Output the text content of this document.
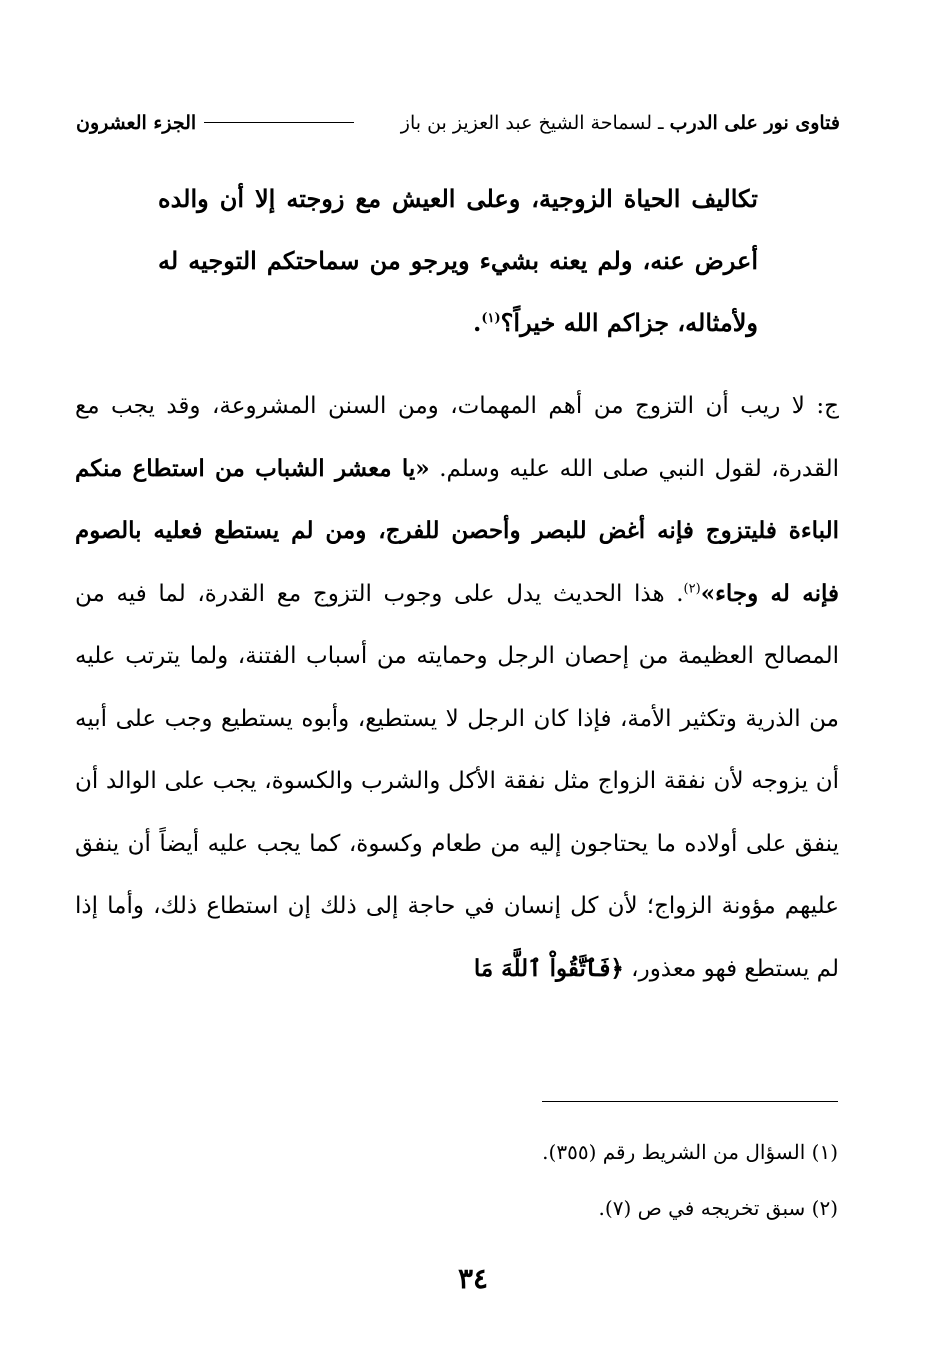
فتاوى نور على الدرب ـ لسماحة الشيخ عبد العزيز بن باز
الجزء العشرون
تكاليف الحياة الزوجية، وعلى العيش مع زوجته إلا أن والده أعرض عنه، ولم يعنه بشيء ويرجو من سماحتكم التوجيه له ولأمثاله، جزاكم الله خيراً؟$^{(١)}$.
ج: لا ريب أن التزوج من أهم المهمات، ومن السنن المشروعة، وقد يجب مع القدرة، لقول النبي صلى الله عليه وسلم. «يا معشر الشباب من استطاع منكم الباءة فليتزوج فإنه أغض للبصر وأحصن للفرج، ومن لم يستطع فعليه بالصوم فإنه له وجاء»$^{(٢)}$. هذا الحديث يدل على وجوب التزوج مع القدرة، لما فيه من المصالح العظيمة من إحصان الرجل وحمايته من أسباب الفتنة، ولما يترتب عليه من الذرية وتكثير الأمة، فإذا كان الرجل لا يستطيع، وأبوه يستطيع وجب على أبيه أن يزوجه لأن نفقة الزواج مثل نفقة الأكل والشرب والكسوة، يجب على الوالد أن ينفق على أولاده ما يحتاجون إليه من طعام وكسوة، كما يجب عليه أيضاً أن ينفق عليهم مؤونة الزواج؛ لأن كل إنسان في حاجة إلى ذلك إن استطاع ذلك، وأما إذا لم يستطع فهو معذور، ﴿فَٱتَّقُواْ ٱللَّهَ مَا
(١) السؤال من الشريط رقم (٣٥٥).
(٢) سبق تخريجه في ص (٧).
٣٤
